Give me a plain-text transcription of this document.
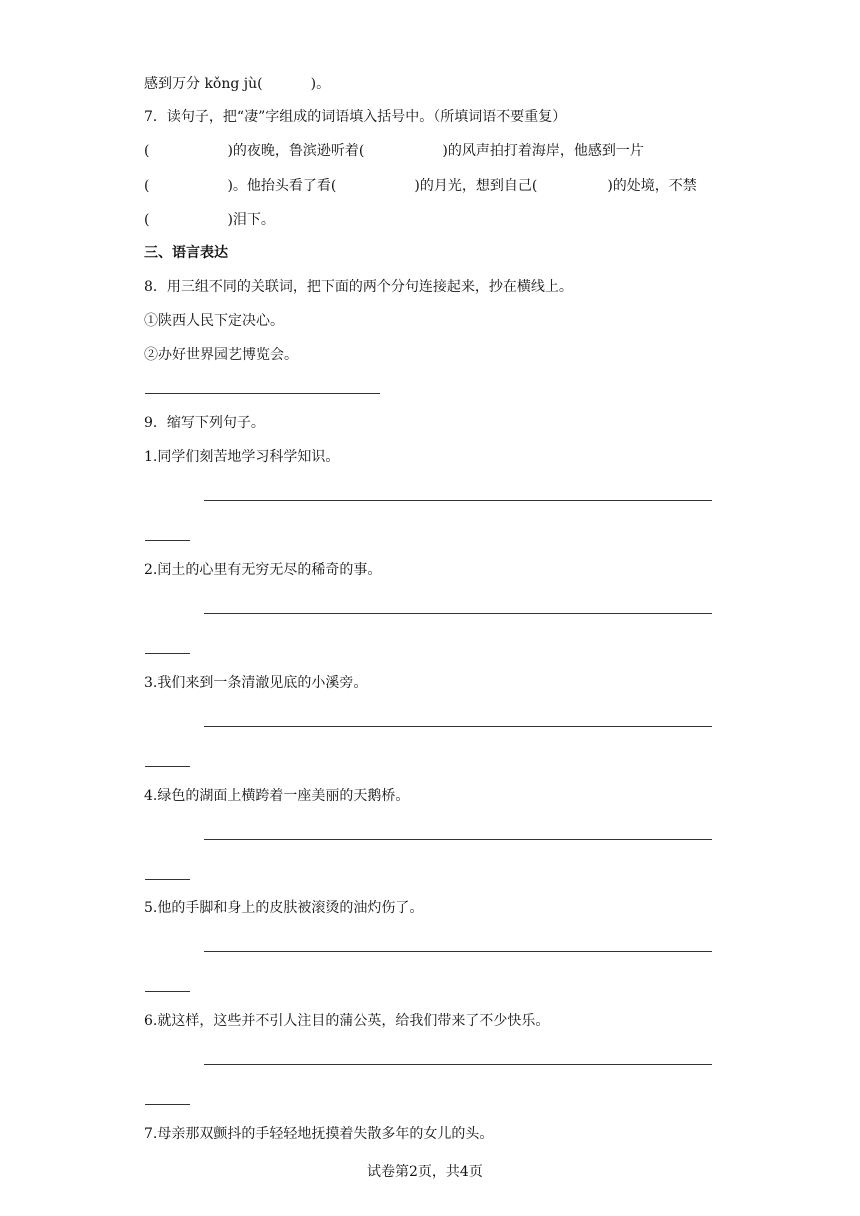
感到万分 kǒng jù(	)。
7．读句子，把“凄”字组成的词语填入括号中。（所填词语不要重复）
(	)的夜晚，鲁滨逊听着(	)的风声拍打着海岸，他感到一片
(	)。他抬头看了看(	)的月光，想到自己(	)的处境，不禁
(	)泪下。
三、语言表达
8．用三组不同的关联词，把下面的两个分句连接起来，抄在横线上。
①陕西人民下定决心。
②办好世界园艺博览会。
9．缩写下列句子。
1.同学们刻苦地学习科学知识。
2.闰土的心里有无穷无尽的稀奇的事。
3.我们来到一条清澈见底的小溪旁。
4.绿色的湖面上横跨着一座美丽的天鹅桥。
5.他的手脚和身上的皮肤被滚烫的油灼伤了。
6.就这样，这些并不引人注目的蒲公英，给我们带来了不少快乐。
7.母亲那双颤抖的手轻轻地抚摸着失散多年的女儿的头。
试卷第2页，共4页
